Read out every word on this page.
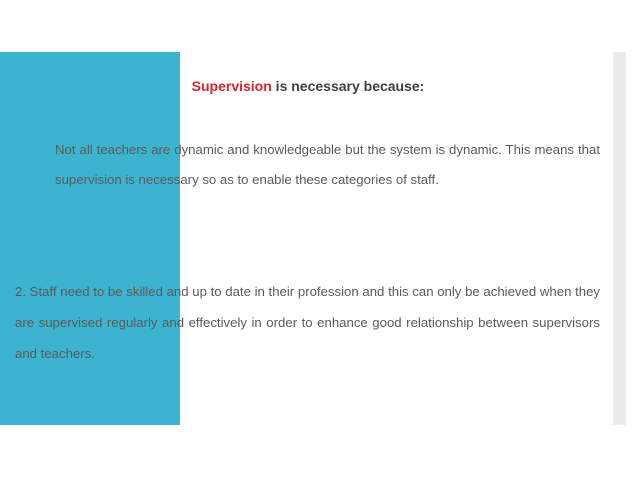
Supervision is necessary because:

Not all teachers are dynamic and knowledgeable but the system is dynamic. This means that supervision is necessary so as to enable these categories of staff.

2. Staff need to be skilled and up to date in their profession and this can only be achieved when they are supervised regularly and effectively in order to enhance good relationship between supervisors and teachers.
